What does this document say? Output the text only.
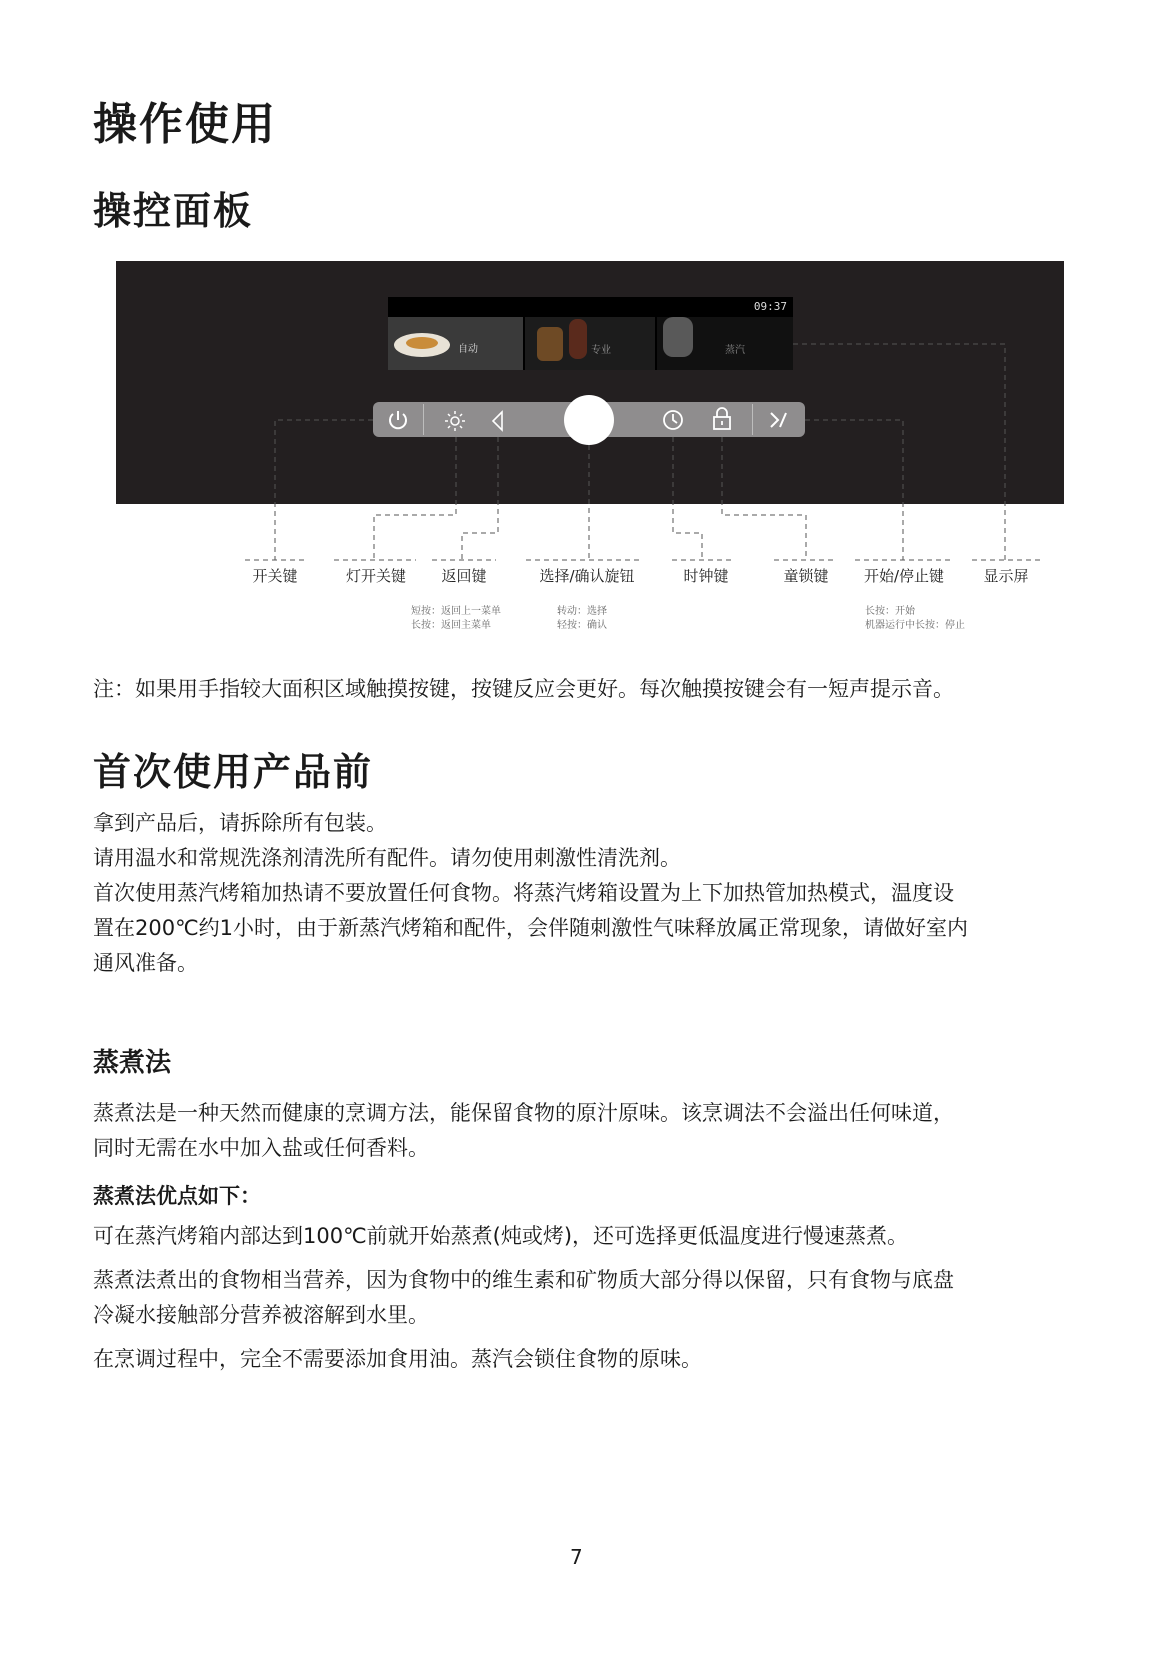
操作使用
操控面板
09:37
自动	专业	蒸汽
开关键	灯开关键	返回键	选择/确认旋钮	时钟键	童锁键	开始/停止键	显示屏
短按：返回上一菜单
长按：返回主菜单
转动：选择
轻按：确认
长按：开始
机器运行中长按：停止
注：如果用手指较大面积区域触摸按键，按键反应会更好。每次触摸按键会有一短声提示音。
首次使用产品前
拿到产品后，请拆除所有包装。
请用温水和常规洗涤剂清洗所有配件。请勿使用刺激性清洗剂。
首次使用蒸汽烤箱加热请不要放置任何食物。将蒸汽烤箱设置为上下加热管加热模式，温度设
置在200℃约1小时，由于新蒸汽烤箱和配件，会伴随刺激性气味释放属正常现象，请做好室内
通风准备。
蒸煮法
蒸煮法是一种天然而健康的烹调方法，能保留食物的原汁原味。该烹调法不会溢出任何味道，
同时无需在水中加入盐或任何香料。
蒸煮法优点如下：
可在蒸汽烤箱内部达到100℃前就开始蒸煮(炖或烤)，还可选择更低温度进行慢速蒸煮。
蒸煮法煮出的食物相当营养，因为食物中的维生素和矿物质大部分得以保留，只有食物与底盘
冷凝水接触部分营养被溶解到水里。
在烹调过程中，完全不需要添加食用油。蒸汽会锁住食物的原味。
7
